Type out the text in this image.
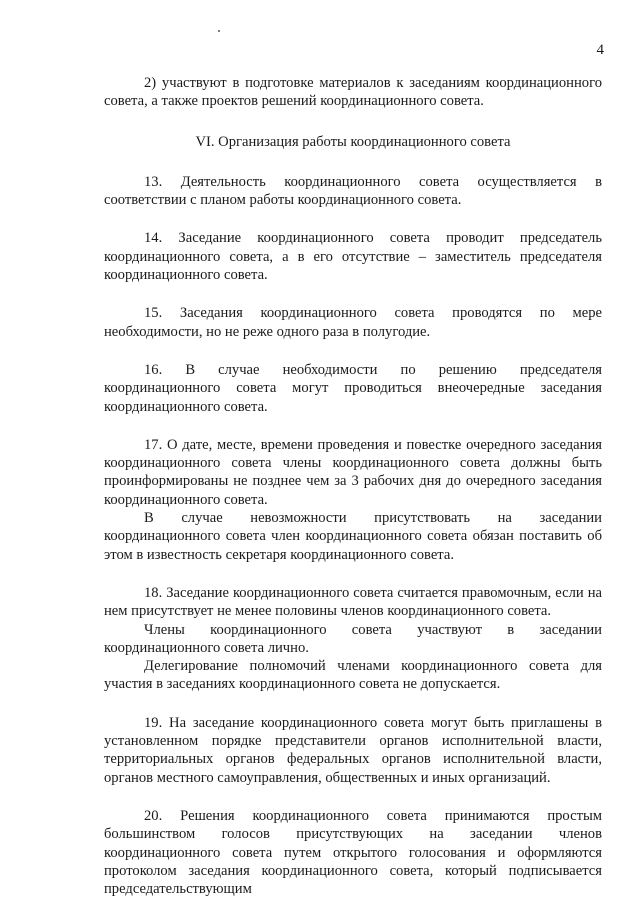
4

2) участвуют в подготовке материалов к заседаниям координационного совета, а также проектов решений координационного совета.

VI. Организация работы координационного совета

13. Деятельность координационного совета осуществляется в соответствии с планом работы координационного совета.

14. Заседание координационного совета проводит председатель координационного совета, а в его отсутствие – заместитель председателя координационного совета.

15. Заседания координационного совета проводятся по мере необходимости, но не реже одного раза в полугодие.

16. В случае необходимости по решению председателя координационного совета могут проводиться внеочередные заседания координационного совета.

17. О дате, месте, времени проведения и повестке очередного заседания координационного совета члены координационного совета должны быть проинформированы не позднее чем за 3 рабочих дня до очередного заседания координационного совета.

В случае невозможности присутствовать на заседании координационного совета член координационного совета обязан поставить об этом в известность секретаря координационного совета.

18. Заседание координационного совета считается правомочным, если на нем присутствует не менее половины членов координационного совета.

Члены координационного совета участвуют в заседании координационного совета лично.

Делегирование полномочий членами координационного совета для участия в заседаниях координационного совета не допускается.

19. На заседание координационного совета могут быть приглашены в установленном порядке представители органов исполнительной власти, территориальных органов федеральных органов исполнительной власти, органов местного самоуправления, общественных и иных организаций.

20. Решения координационного совета принимаются простым большинством голосов присутствующих на заседании членов координационного совета путем открытого голосования и оформляются протоколом заседания координационного совета, который подписывается председательствующим
